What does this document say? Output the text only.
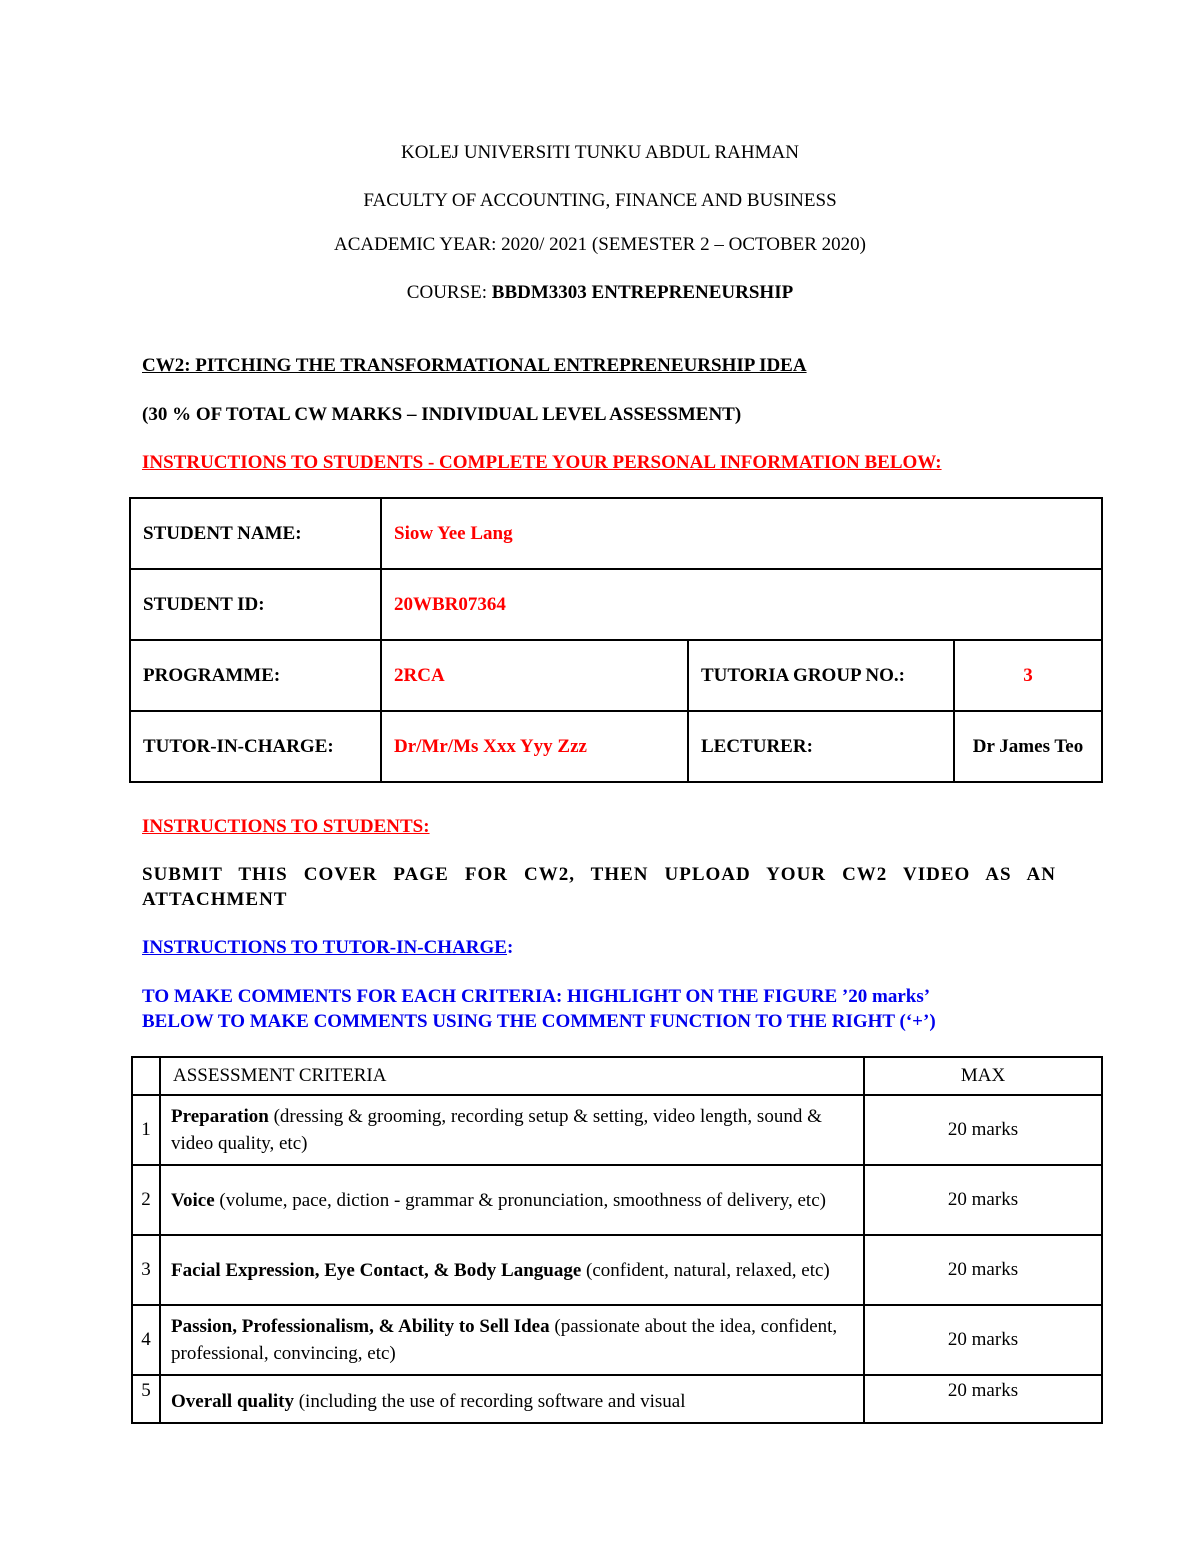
KOLEJ UNIVERSITI TUNKU ABDUL RAHMAN
FACULTY OF ACCOUNTING, FINANCE AND BUSINESS
ACADEMIC YEAR: 2020/ 2021 (SEMESTER 2 – OCTOBER 2020)
COURSE: BBDM3303 ENTREPRENEURSHIP
CW2: PITCHING THE TRANSFORMATIONAL ENTREPRENEURSHIP IDEA
(30 % OF TOTAL CW MARKS – INDIVIDUAL LEVEL ASSESSMENT)
INSTRUCTIONS TO STUDENTS - COMPLETE YOUR PERSONAL INFORMATION BELOW:
STUDENT NAME:	Siow Yee Lang		
STUDENT ID:	20WBR07364		
PROGRAMME:	2RCA	TUTORIA GROUP NO.:	3
TUTOR-IN-CHARGE:	Dr/Mr/Ms Xxx Yyy Zzz	LECTURER:	Dr James Teo
INSTRUCTIONS TO STUDENTS:
SUBMIT THIS COVER PAGE FOR CW2, THEN UPLOAD YOUR CW2 VIDEO AS AN ATTACHMENT
INSTRUCTIONS TO TUTOR-IN-CHARGE:
TO MAKE COMMENTS FOR EACH CRITERIA: HIGHLIGHT ON THE FIGURE ’20 marks’
BELOW TO MAKE COMMENTS USING THE COMMENT FUNCTION TO THE RIGHT (‘+’)
	ASSESSMENT CRITERIA	MAX
1	Preparation (dressing & grooming, recording setup & setting, video length, sound & video quality, etc)	20 marks
2	Voice (volume, pace, diction - grammar & pronunciation, smoothness of delivery, etc)	20 marks
3	Facial Expression, Eye Contact, & Body Language (confident, natural, relaxed, etc)	20 marks
4	Passion, Professionalism, & Ability to Sell Idea (passionate about the idea, confident, professional, convincing, etc)	20 marks
5	Overall quality (including the use of recording software and visual	20 marks
